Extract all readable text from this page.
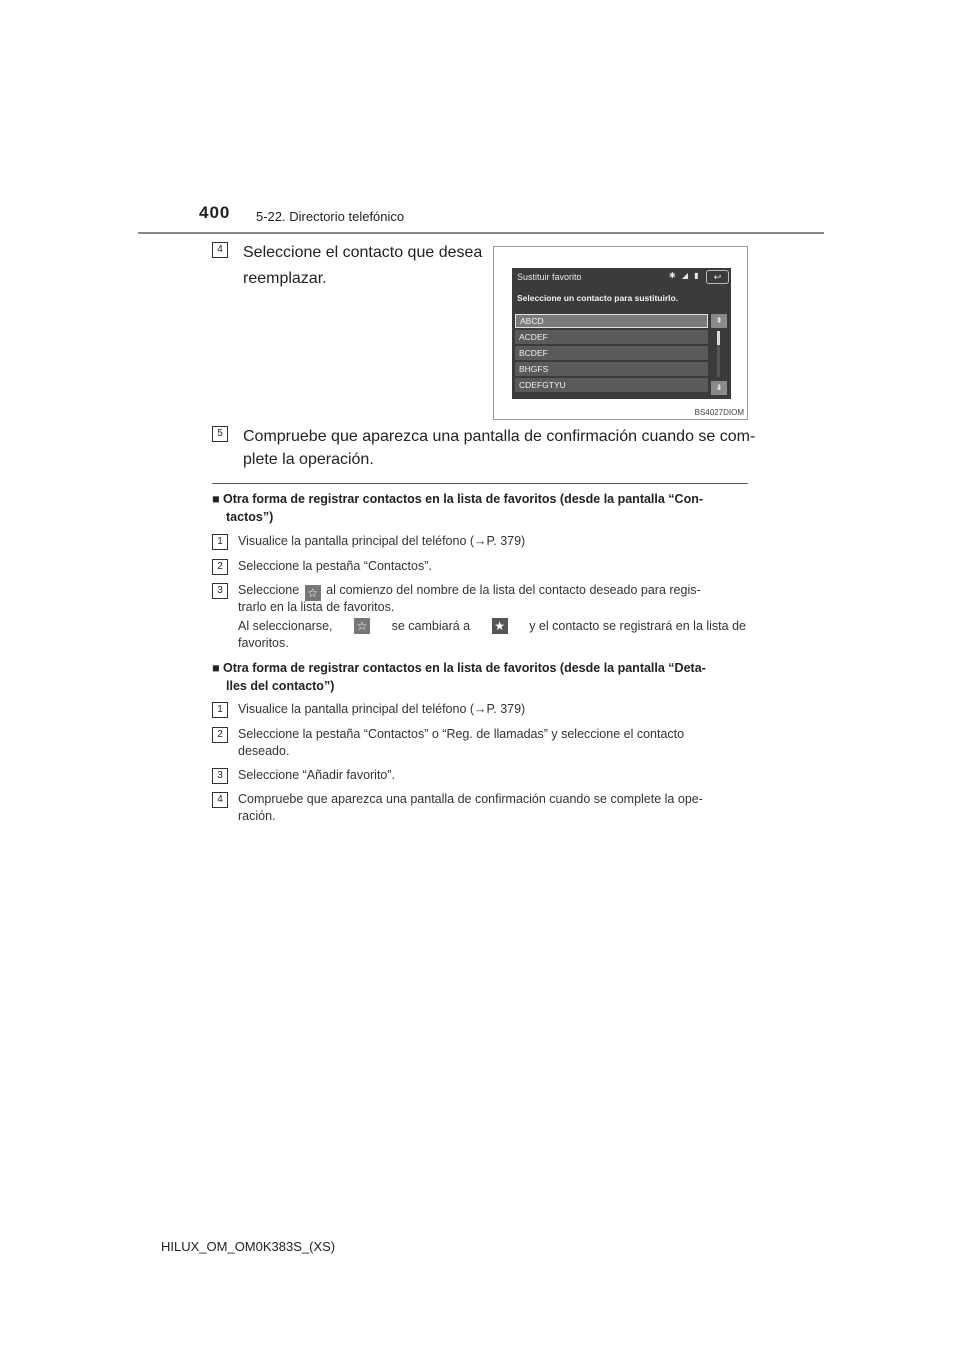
400 5-22. Directorio telefónico
4	Seleccione el contacto que desea
reemplazar.	Sustituir favorito	✱ ◢ ▮	↩
Seleccione un contacto para sustituirlo.
ABCD
ACDEF
BCDEF
BHGFS
CDEFGTYU
⇞
⇟
BS4027DIOM
5	Compruebe que aparezca una pantalla de confirmación cuando se com-
plete la operación.
■ Otra forma de registrar contactos en la lista de favoritos (desde la pantalla “Con-
tactos”)
1	Visualice la pantalla principal del teléfono (→P. 379)
2	Seleccione la pestaña “Contactos”.
3	Seleccione ☆ al comienzo del nombre de la lista del contacto deseado para regis-
trarlo en la lista de favoritos.
Al seleccionarse, ☆ se cambiará a ★ y el contacto se registrará en la lista de
favoritos.
■ Otra forma de registrar contactos en la lista de favoritos (desde la pantalla “Deta-
lles del contacto”)
1	Visualice la pantalla principal del teléfono (→P. 379)
2	Seleccione la pestaña “Contactos” o “Reg. de llamadas” y seleccione el contacto
deseado.
3	Seleccione “Añadir favorito”.
4	Compruebe que aparezca una pantalla de confirmación cuando se complete la ope-
ración.
HILUX_OM_OM0K383S_(XS)
